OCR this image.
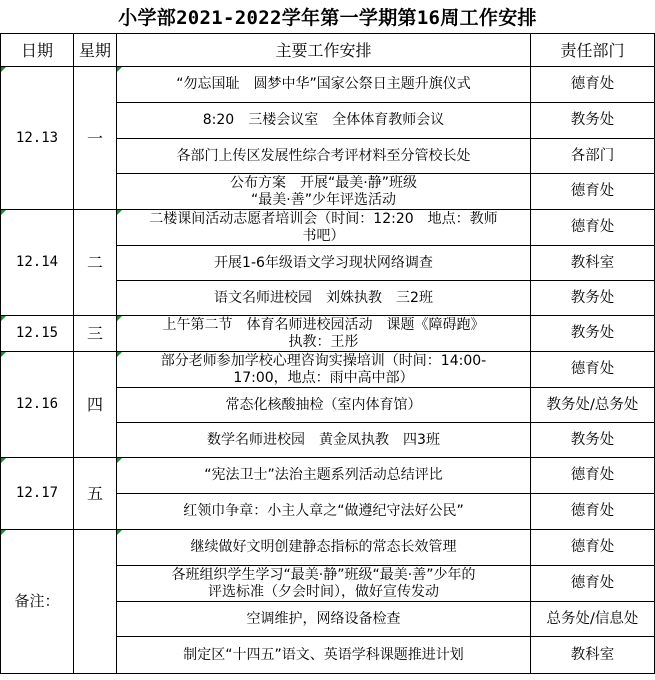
小学部2021-2022学年第一学期第16周工作安排
日期	星期	主要工作安排	责任部门
12.13	一	“勿忘国耻　圆梦中华”国家公祭日主题升旗仪式	德育处

		8:20　三楼会议室　全体体育教师会议	教务处

		各部门上传区发展性综合考评材料至分管校长处	各部门

		公布方案　开展“最美·静”班级
“最美·善”少年评选活动	德育处
12.14	二	二楼课间活动志愿者培训会（时间：12:20　地点：教师
书吧）	德育处

		开展1-6年级语文学习现状网络调查	教科室

		语文名师进校园　刘姝执教　三2班	教务处
12.15	三	上午第二节　体育名师进校园活动　课题《障碍跑》
执教：王彤	教务处
12.16	四	部分老师参加学校心理咨询实操培训（时间：14:00-
17:00，地点：雨中高中部）	德育处

		常态化核酸抽检（室内体育馆）	教务处/总务处

		数学名师进校园　黄金凤执教　四3班	教务处
12.17	五	“宪法卫士”法治主题系列活动总结评比	德育处

		红领巾争章：小主人章之“做遵纪守法好公民”	德育处
备注：		继续做好文明创建静态指标的常态长效管理	德育处

		各班组织学生学习“最美·静”班级“最美·善”少年的
评选标准（夕会时间），做好宣传发动	德育处

		空调维护，网络设备检查	总务处/信息处

		制定区“十四五”语文、英语学科课题推进计划	教科室
